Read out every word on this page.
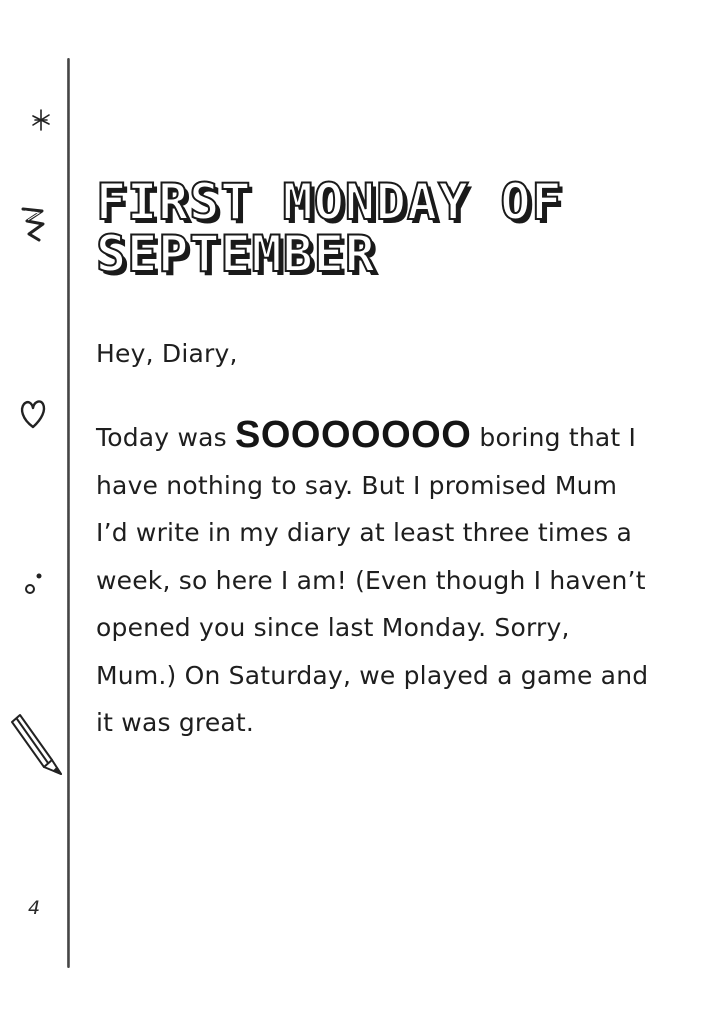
4
FIRST MONDAY OF SEPTEMBER

Hey, Diary,

Today was SOOOOOOO boring that I have nothing to say. But I promised Mum I’d write in my diary at least three times a week, so here I am! (Even though I haven’t opened you since last Monday. Sorry, Mum.) On Saturday, we played a game and it was great.
